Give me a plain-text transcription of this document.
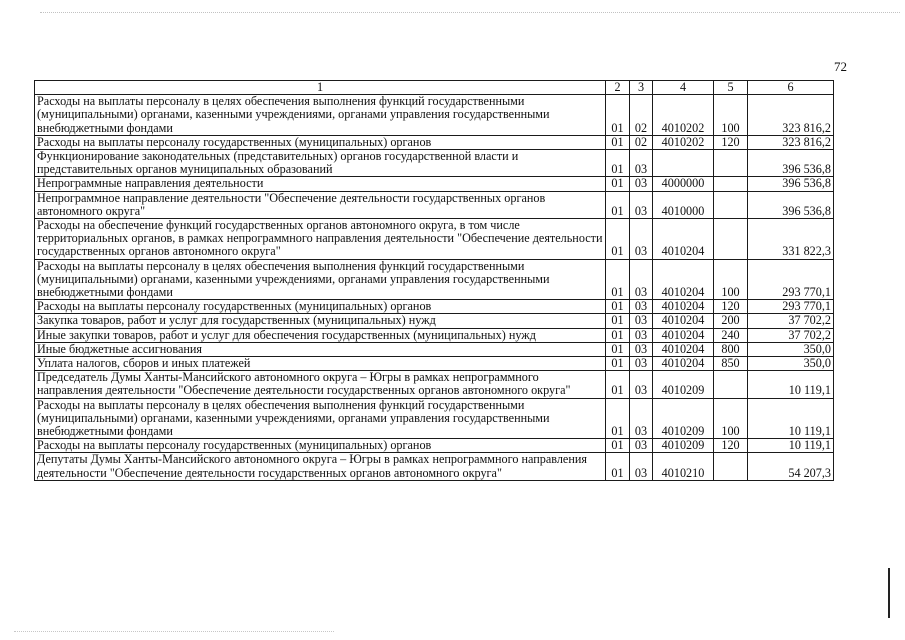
72
1	2	3	4	5	6
Расходы на выплаты персоналу в целях обеспечения выполнения функций государственными (муниципальными) органами, казенными учреждениями, органами управления государственными внебюджетными фондами	01	02	4010202	100	323 816,2
Расходы на выплаты персоналу государственных (муниципальных) органов	01	02	4010202	120	323 816,2
Функционирование законодательных (представительных) органов государственной власти и представительных органов муниципальных образований	01	03			396 536,8
Непрограммные направления деятельности	01	03	4000000		396 536,8
Непрограммное направление деятельности "Обеспечение деятельности государственных органов автономного округа"	01	03	4010000		396 536,8
Расходы на обеспечение функций государственных органов автономного округа, в том числе территориальных органов, в рамках непрограммного направления деятельности "Обеспечение деятельности государственных органов автономного округа"	01	03	4010204		331 822,3
Расходы на выплаты персоналу в целях обеспечения выполнения функций государственными (муниципальными) органами, казенными учреждениями, органами управления государственными внебюджетными фондами	01	03	4010204	100	293 770,1
Расходы на выплаты персоналу государственных (муниципальных) органов	01	03	4010204	120	293 770,1
Закупка товаров, работ и услуг для государственных (муниципальных) нужд	01	03	4010204	200	37 702,2
Иные закупки товаров, работ и услуг для обеспечения государственных (муниципальных) нужд	01	03	4010204	240	37 702,2
Иные бюджетные ассигнования	01	03	4010204	800	350,0
Уплата налогов, сборов и иных платежей	01	03	4010204	850	350,0
Председатель Думы Ханты-Мансийского автономного округа – Югры в рамках непрограммного направления деятельности "Обеспечение деятельности государственных органов автономного округа"	01	03	4010209		10 119,1
Расходы на выплаты персоналу в целях обеспечения выполнения функций государственными (муниципальными) органами, казенными учреждениями, органами управления государственными внебюджетными фондами	01	03	4010209	100	10 119,1
Расходы на выплаты персоналу государственных (муниципальных) органов	01	03	4010209	120	10 119,1
Депутаты Думы Ханты-Мансийского автономного округа – Югры в рамках непрограммного направления деятельности "Обеспечение деятельности государственных органов автономного округа"	01	03	4010210		54 207,3
